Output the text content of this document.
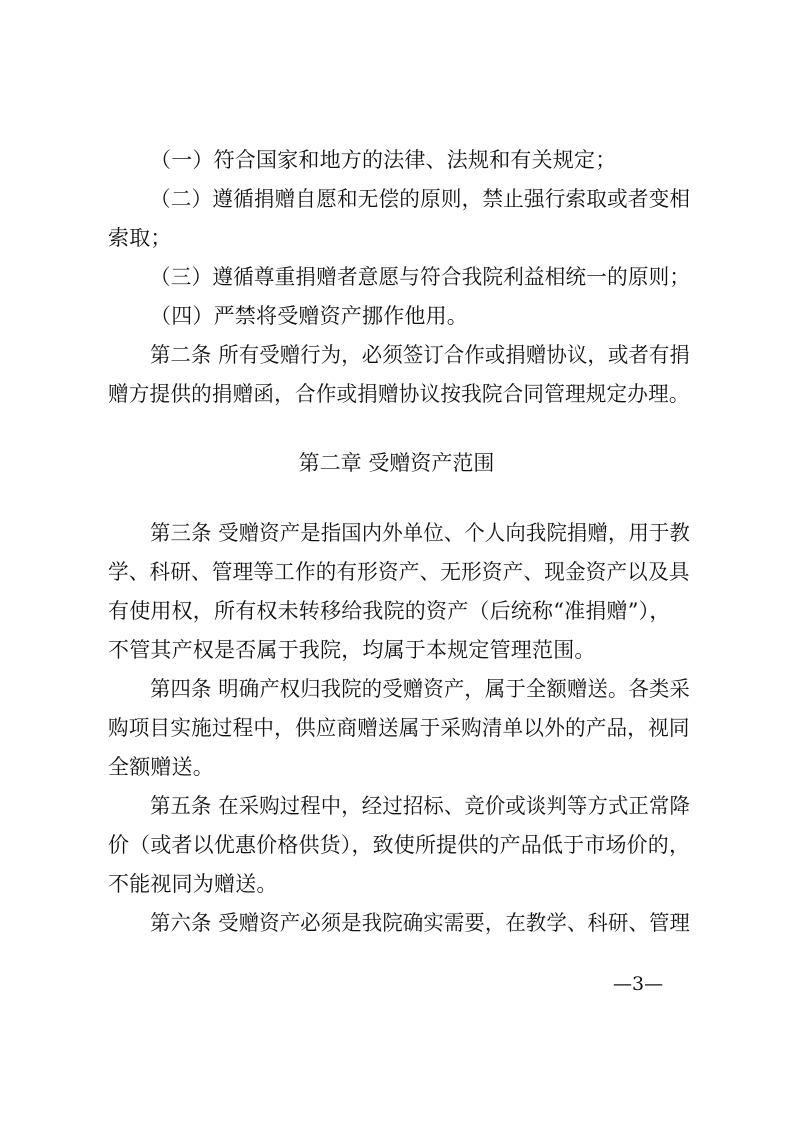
（一）符合国家和地方的法律、法规和有关规定；
（二）遵循捐赠自愿和无偿的原则，禁止强行索取或者变相
索取；
（三）遵循尊重捐赠者意愿与符合我院利益相统一的原则；
（四）严禁将受赠资产挪作他用。
第二条 所有受赠行为，必须签订合作或捐赠协议，或者有捐
赠方提供的捐赠函，合作或捐赠协议按我院合同管理规定办理。
第二章 受赠资产范围
第三条 受赠资产是指国内外单位、个人向我院捐赠，用于教
学、科研、管理等工作的有形资产、无形资产、现金资产以及具
有使用权，所有权未转移给我院的资产（后统称“准捐赠”），
不管其产权是否属于我院，均属于本规定管理范围。
第四条 明确产权归我院的受赠资产，属于全额赠送。各类采
购项目实施过程中，供应商赠送属于采购清单以外的产品，视同
全额赠送。
第五条 在采购过程中，经过招标、竞价或谈判等方式正常降
价（或者以优惠价格供货），致使所提供的产品低于市场价的，
不能视同为赠送。
第六条 受赠资产必须是我院确实需要，在教学、科研、管理
—3—
